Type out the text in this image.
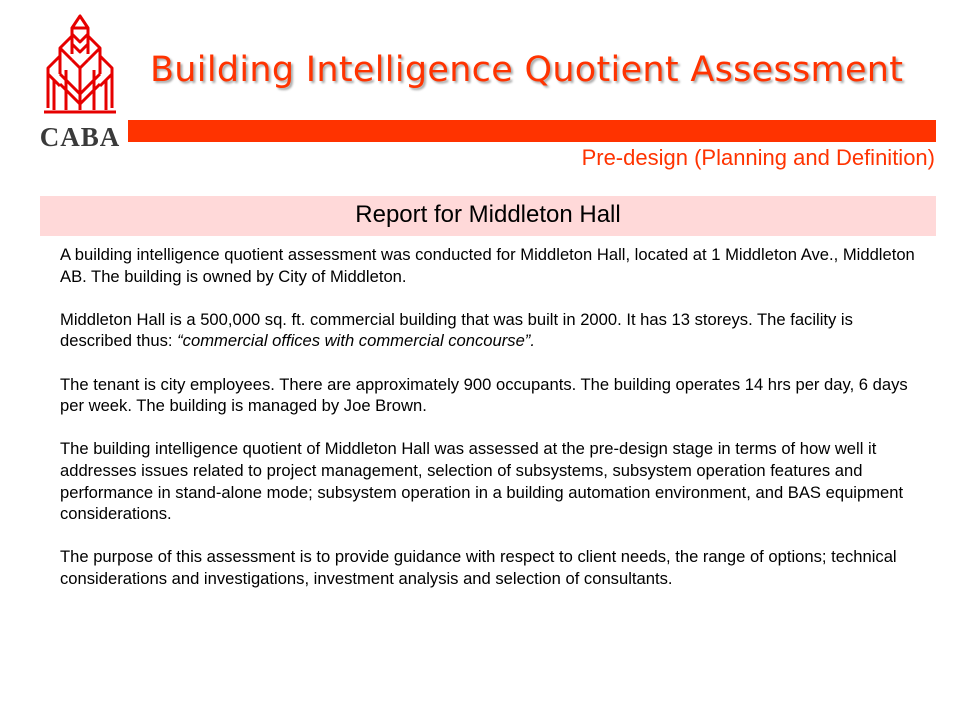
CABA
Building Intelligence Quotient Assessment
Pre-design (Planning and Definition)
Report for Middleton Hall

A building intelligence quotient assessment was conducted for Middleton Hall, located at 1 Middleton Ave., Middleton AB. The building is owned by City of Middleton.

Middleton Hall is a 500,000 sq. ft. commercial building that was built in 2000. It has 13 storeys. The facility is described thus: “commercial offices with commercial concourse”.

The tenant is city employees. There are approximately 900 occupants. The building operates 14 hrs per day, 6 days per week. The building is managed by Joe Brown.

The building intelligence quotient of Middleton Hall was assessed at the pre-design stage in terms of how well it addresses issues related to project management, selection of subsystems, subsystem operation features and performance in stand-alone mode; subsystem operation in a building automation environment, and BAS equipment considerations.

The purpose of this assessment is to provide guidance with respect to client needs, the range of options; technical considerations and investigations, investment analysis and selection of consultants.
